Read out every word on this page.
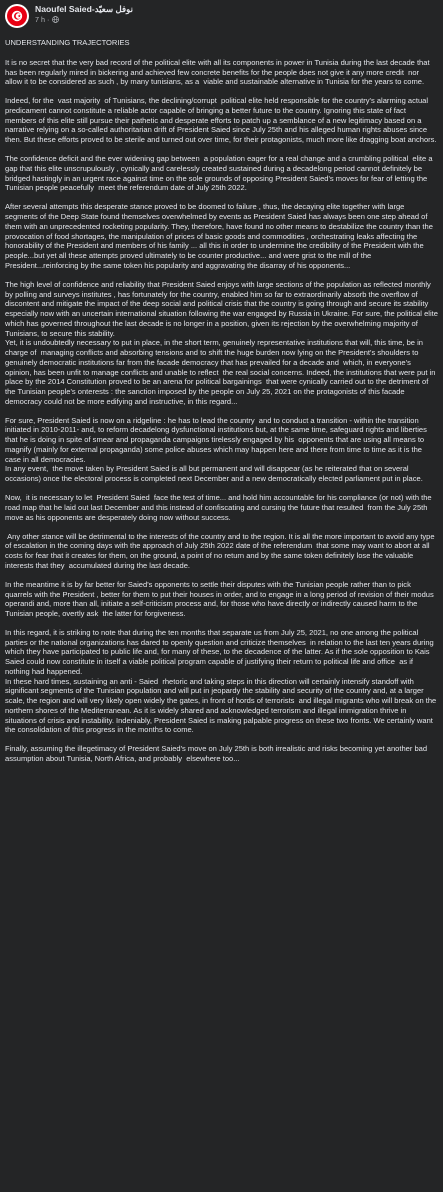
Naoufel Saied-نوفل سعيّد
7 h ·

UNDERSTANDING TRAJECTORIES

It is no secret that the very bad record of the political elite with all its components in power in Tunisia during the last decade that has been regularly mired in bickering and achieved few concrete benefits for the people does not give it any more credit  nor allow it to be considered as such , by many tunisians, as a  viable and sustainable alternative in Tunisia for the years to come.

Indeed, for the  vast majority  of Tunisians, the declining/corrupt  political elite held responsible for the country's alarming actual predicament cannot constitute a reliable actor capable of bringing a better future to the country. Ignoring this state of fact members of this elite still pursue their pathetic and desperate efforts to patch up a semblance of a new legitimacy based on a narrative relying on a so-called authoritarian drift of President Saied since July 25th and his alleged human rights abuses since then. But these efforts proved to be sterile and turned out over time, for their protagonists, much more like dragging boat anchors.

The confidence deficit and the ever widening gap between  a population eager for a real change and a crumbling political  elite a gap that this elite unscrupulously , cynically and carelessly created sustained during a decadelong period cannot definitely be bridged hastingly in an urgent race against time on the sole grounds of opposing President Saied's moves for fear of letting the Tunisian people peacefully  meet the referendum date of July 25th 2022.

After several attempts this desperate stance proved to be doomed to failure , thus, the decaying elite together with large segments of the Deep State found themselves overwhelmed by events as President Saied has always been one step ahead of them with an unprecedented rocketing popularity. They, therefore, have found no other means to destabilize the country than the provocation of food shortages, the manipulation of prices of basic goods and commodities , orchestrating leaks affecting the honorability of the President and members of his family ... all this in order to undermine the credibility of the President with the people...but yet all these attempts proved ultimately to be counter productive... and were grist to the mill of the President...reinforcing by the same token his popularity and aggravating the disarray of his opponents...

The high level of confidence and reliability that President Saied enjoys with large sections of the population as reflected monthly by polling and surveys institutes , has fortunately for the country, enabled him so far to extraordinarily absorb the overflow of discontent and mitigate the impact of the deep social and political crisis that the country is going through and secure its stability especially now with an uncertain international situation following the war engaged by Russia in Ukraine. For sure, the political elite which has governed throughout the last decade is no longer in a position, given its rejection by the overwhelming majority of Tunisians, to secure this stability.
Yet, it is undoubtedly necessary to put in place, in the short term, genuinely representative institutions that will, this time, be in charge of  managing conflicts and absorbing tensions and to shift the huge burden now lying on the President's shoulders to genuinely democratic institutions far from the facade democracy that has prevailed for a decade and  which, in everyone's opinion, has been unfit to manage conflicts and unable to reflect  the real social concerns. Indeed, the institutions that were put in place by the 2014 Constitution proved to be an arena for political bargainings  that were cynically carried out to the detriment of the Tunisian people's onterests : the sanction imposed by the people on July 25, 2021 on the protagonists of this facade democracy could not be more edifying and instructive, in this regard...

For sure, President Saied is now on a ridgeline : he has to lead the country  and to conduct a transition - within the transition initiated in 2010-2011- and, to reform decadelong dysfunctional institutions but, at the same time, safeguard rights and liberties that he is doing in spite of smear and propaganda campaigns tirelessly engaged by his  opponents that are using all means to magnify (mainly for external propaganda) some police abuses which may happen here and there from time to time as it is the case in all democracies.
In any event,  the move taken by President Saied is all but permanent and will disappear (as he reiterated that on several occasions) once the electoral process is completed next December and a new democratically elected parliament put in place.

Now,  it is necessary to let  President Saied  face the test of time... and hold him accountable for his compliance (or not) with the road map that he laid out last December and this instead of confiscating and cursing the future that resulted  from the July 25th move as his opponents are desperately doing now without success.

Any other stance will be detrimental to the interests of the country and to the region. It is all the more important to avoid any type of escalation in the coming days with the approach of July 25th 2022 date of the referendum  that some may want to abort at all costs for fear that it creates for them, on the ground, a point of no return and by the same token definitely lose the valuable interests that they  accumulated during the last decade.

In the meantime it is by far better for Saied's opponents to settle their disputes with the Tunisian people rather than to pick quarrels with the President , better for them to put their houses in order, and to engage in a long period of revision of their modus operandi and, more than all, initiate a self-criticism process and, for those who have directly or indirectly caused harm to the Tunisian people, overtly ask  the latter for forgiveness.

In this regard, it is striking to note that during the ten months that separate us from July 25, 2021, no one among the political parties or the national organizations has dared to openly question and criticize themselves  in relation to the last ten years during which they have participated to public life and, for many of these, to the decadence of the latter. As if the sole opposition to Kais Saied could now constitute in itself a viable political program capable of justifying their return to political life and office  as if nothing had happened.
In these hard times, sustaining an anti - Saied  rhetoric and taking steps in this direction will certainly intensify standoff with significant segments of the Tunisian population and will put in jeopardy the stability and security of the country and, at a larger scale, the region and will very likely open widely the gates, in front of hords of terrorists  and illegal migrants who will break on the northern shores of the Mediterranean. As it is widely shared and acknowledged terrorism and illegal immigration thrive in situations of crisis and instability. Indeniably, President Saied is making palpable progress on these two fronts. We certainly want the consolidation of this progress in the months to come.

Finally, assuming the illegetimacy of President Saied's move on July 25th is both irrealistic and risks becoming yet another bad assumption about Tunisia, North Africa, and probably  elsewhere too...
